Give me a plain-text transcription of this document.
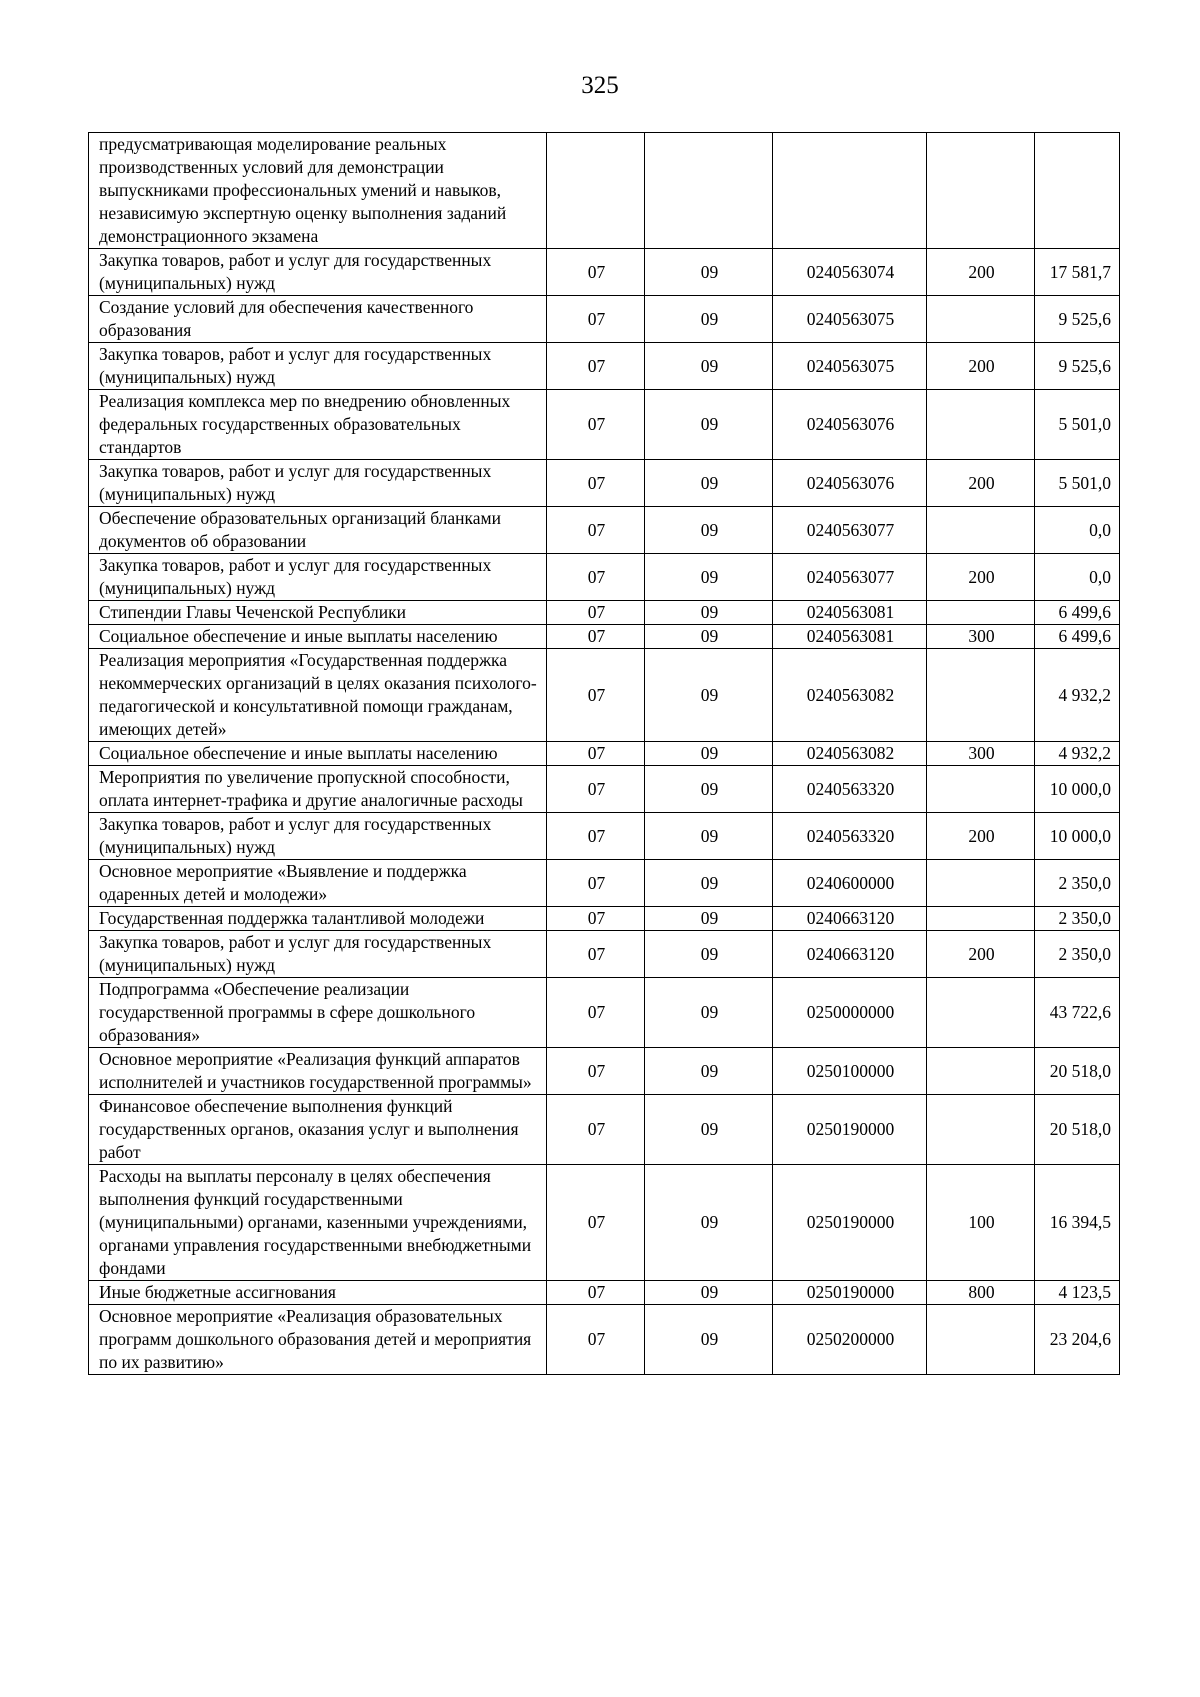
325
предусматривающая моделирование реальных производственных условий для демонстрации выпускниками профессиональных умений и навыков, независимую экспертную оценку выполнения заданий демонстрационного экзамена					
Закупка товаров, работ и услуг для государственных (муниципальных) нужд	07	09	0240563074	200	17 581,7
Создание условий для обеспечения качественного образования	07	09	0240563075		9 525,6
Закупка товаров, работ и услуг для государственных (муниципальных) нужд	07	09	0240563075	200	9 525,6
Реализация комплекса мер по внедрению обновленных федеральных государственных образовательных стандартов	07	09	0240563076		5 501,0
Закупка товаров, работ и услуг для государственных (муниципальных) нужд	07	09	0240563076	200	5 501,0
Обеспечение образовательных организаций бланками документов об образовании	07	09	0240563077		0,0
Закупка товаров, работ и услуг для государственных (муниципальных) нужд	07	09	0240563077	200	0,0
Стипендии Главы Чеченской Республики	07	09	0240563081		6 499,6
Социальное обеспечение и иные выплаты населению	07	09	0240563081	300	6 499,6
Реализация мероприятия «Государственная поддержка некоммерческих организаций в целях оказания психолого-педагогической и консультативной помощи гражданам, имеющих детей»	07	09	0240563082		4 932,2
Социальное обеспечение и иные выплаты населению	07	09	0240563082	300	4 932,2
Мероприятия по увеличение пропускной способности, оплата интернет-трафика и другие аналогичные расходы	07	09	0240563320		10 000,0
Закупка товаров, работ и услуг для государственных (муниципальных) нужд	07	09	0240563320	200	10 000,0
Основное мероприятие «Выявление и поддержка одаренных детей и молодежи»	07	09	0240600000		2 350,0
Государственная поддержка талантливой молодежи	07	09	0240663120		2 350,0
Закупка товаров, работ и услуг для государственных (муниципальных) нужд	07	09	0240663120	200	2 350,0
Подпрограмма «Обеспечение реализации государственной программы в сфере дошкольного образования»	07	09	0250000000		43 722,6
Основное мероприятие «Реализация функций аппаратов исполнителей и участников государственной программы»	07	09	0250100000		20 518,0
Финансовое обеспечение выполнения функций государственных органов, оказания услуг и выполнения работ	07	09	0250190000		20 518,0
Расходы на выплаты персоналу в целях обеспечения выполнения функций государственными (муниципальными) органами, казенными учреждениями, органами управления государственными внебюджетными фондами	07	09	0250190000	100	16 394,5
Иные бюджетные ассигнования	07	09	0250190000	800	4 123,5
Основное мероприятие «Реализация образовательных программ дошкольного образования детей и мероприятия по их развитию»	07	09	0250200000		23 204,6
